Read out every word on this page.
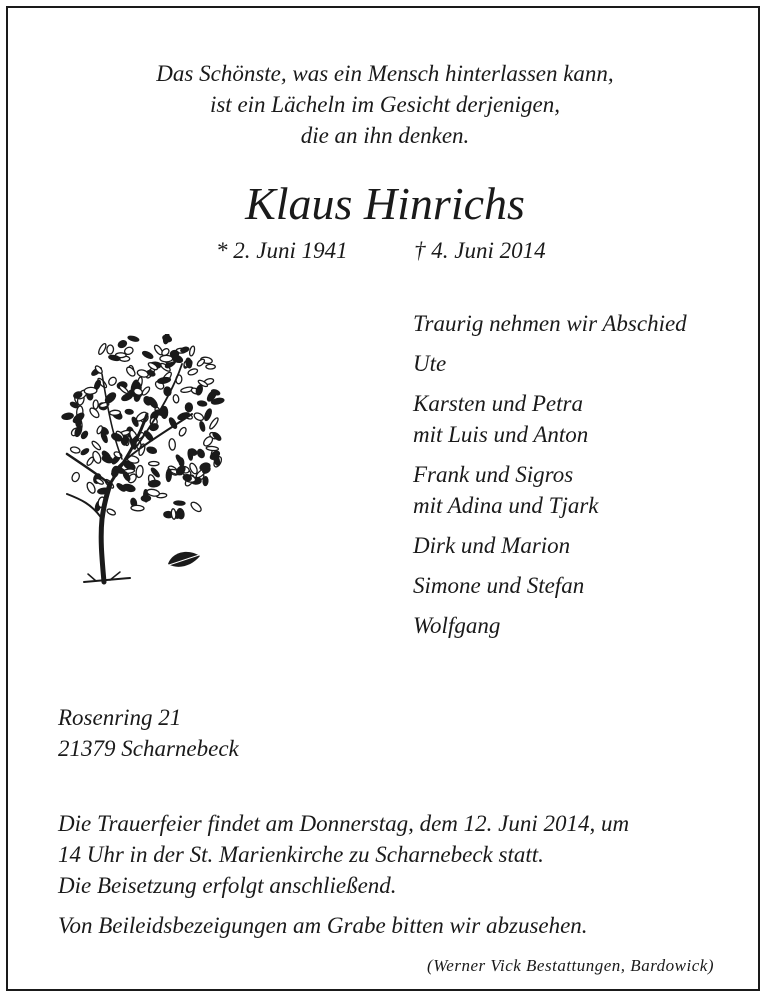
Das Schönste, was ein Mensch hinterlassen kann,
ist ein Lächeln im Gesicht derjenigen,
die an ihn denken.
Klaus Hinrichs
* 2. Juni 1941	† 4. Juni 2014
Traurig nehmen wir Abschied
Ute
Karsten und Petra
mit Luis und Anton
Frank und Sigros
mit Adina und Tjark
Dirk und Marion
Simone und Stefan
Wolfgang
Rosenring 21
21379 Scharnebeck
Die Trauerfeier findet am Donnerstag, dem 12. Juni 2014, um
14 Uhr in der St. Marienkirche zu Scharnebeck statt.
Die Beisetzung erfolgt anschließend.
Von Beileidsbezeigungen am Grabe bitten wir abzusehen.
(Werner Vick Bestattungen, Bardowick)
